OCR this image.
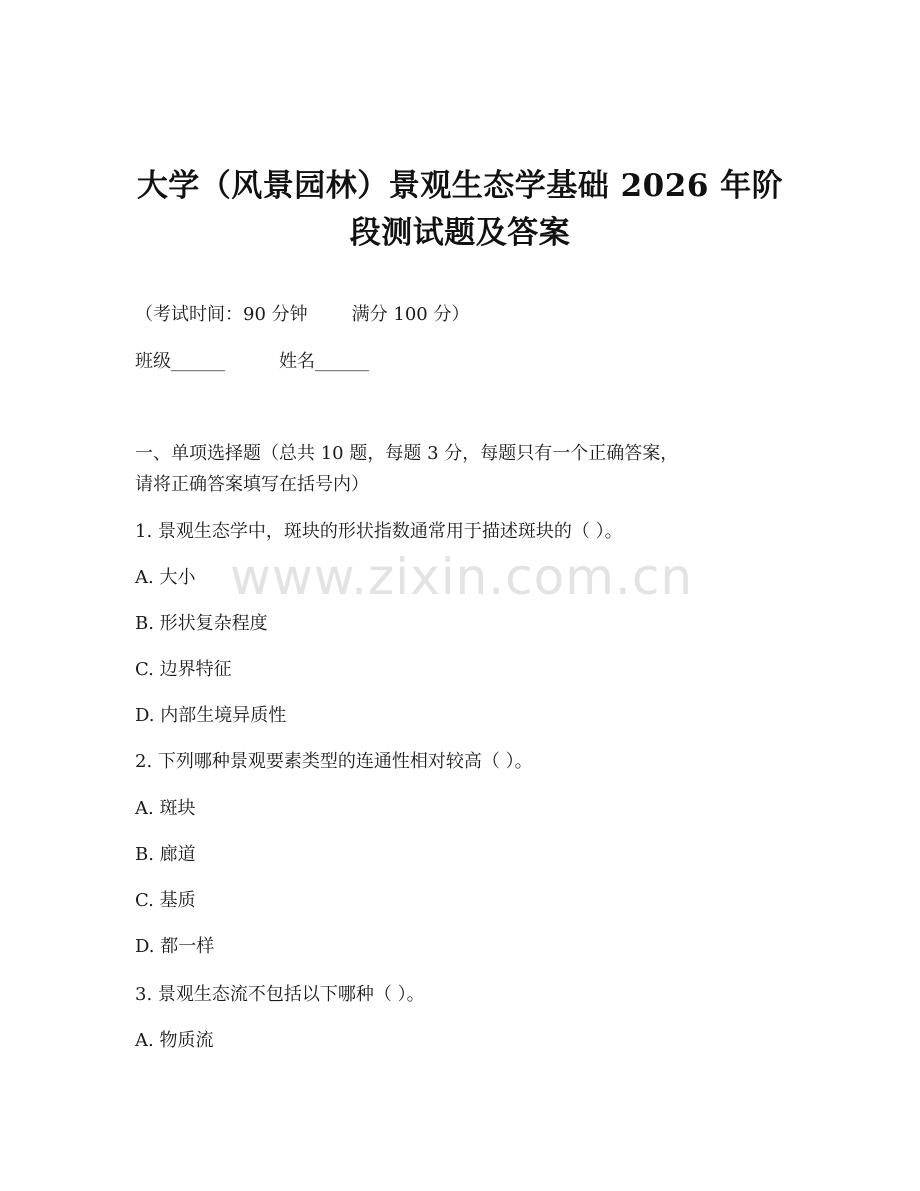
大学（风景园林）景观生态学基础 2026 年阶
段测试题及答案
（考试时间：90 分钟 满分 100 分）
班级______	姓名______
一、单项选择题（总共 10 题，每题 3 分，每题只有一个正确答案，
请将正确答案填写在括号内）
www.zixin.com.cn
1. 景观生态学中，斑块的形状指数通常用于描述斑块的（ ）。
A. 大小
B. 形状复杂程度
C. 边界特征
D. 内部生境异质性
2. 下列哪种景观要素类型的连通性相对较高（ ）。
A. 斑块
B. 廊道
C. 基质
D. 都一样
3. 景观生态流不包括以下哪种（ ）。
A. 物质流
